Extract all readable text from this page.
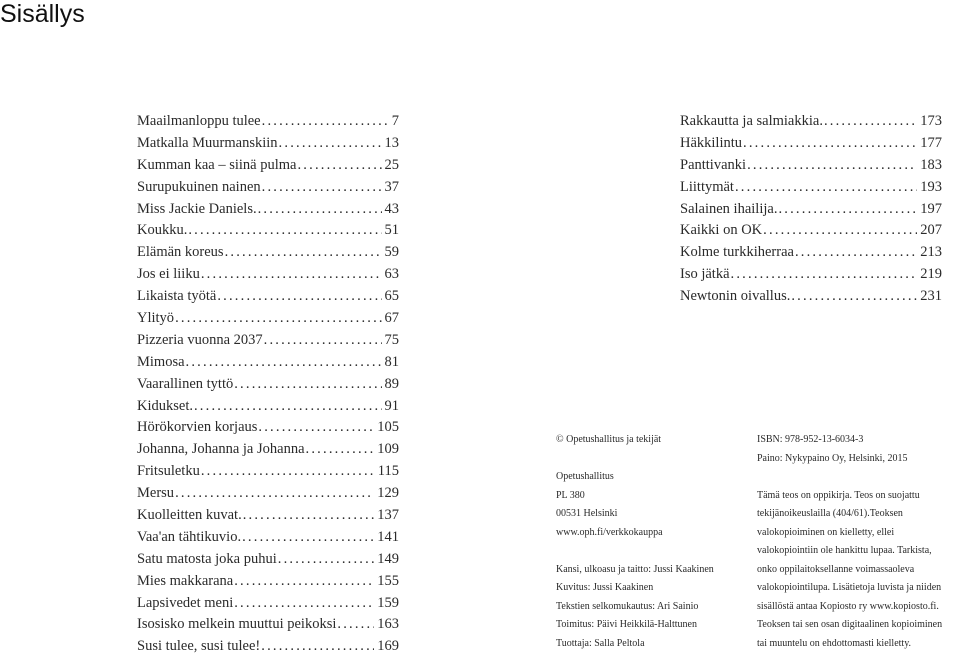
Sisällys
Maailmanloppu tulee .....	7
Matkalla Muurmanskiin .....	13
Kumman kaa – siinä pulma .....	25
Surupukuinen nainen .....	37
Miss Jackie Daniels. .....	43
Koukku. .....	51
Elämän koreus .....	59
Jos ei liiku .....	63
Likaista työtä .....	65
Ylityö .....	67
Pizzeria vuonna 2037 .....	75
Mimosa .....	81
Vaarallinen tyttö .....	89
Kidukset. .....	91
Hörökorvien korjaus .....	105
Johanna, Johanna ja Johanna .....	109
Fritsuletku .....	115
Mersu .....	129
Kuolleitten kuvat. .....	137
Vaa'an tähtikuvio. .....	141
Satu matosta joka puhui .....	149
Mies makkarana .....	155
Lapsivedet meni .....	159
Isosisko melkein muuttui peikoksi .....	163
Susi tulee, susi tulee! .....	169
Rakkautta ja salmiakkia. .....	173
Häkkilintu .....	177
Panttivanki .....	183
Liittymät .....	193
Salainen ihailija. .....	197
Kaikki on OK .....	207
Kolme turkkiherraa .....	213
Iso jätkä .....	219
Newtonin oivallus. .....	231
© Opetushallitus ja tekijät
Opetushallitus
PL 380
00531 Helsinki
www.oph.fi/verkkokauppa
Kansi, ulkoasu ja taitto: Jussi Kaakinen
Kuvitus: Jussi Kaakinen
Tekstien selkomukautus: Ari Sainio
Toimitus: Päivi Heikkilä-Halttunen
Tuottaja: Salla Peltola
ISBN: 978-952-13-6034-3
Paino: Nykypaino Oy, Helsinki, 2015
Tämä teos on oppikirja. Teos on suojattu
tekijänoikeuslailla (404/61).Teoksen
valokopioiminen on kielletty, ellei
valokopiointiin ole hankittu lupaa. Tarkista,
onko oppilaitoksellanne voimassaoleva
valokopiointilupa. Lisätietoja luvista ja niiden
sisällöstä antaa Kopiosto ry www.kopiosto.fi.
Teoksen tai sen osan digitaalinen kopioiminen
tai muuntelu on ehdottomasti kielletty.
